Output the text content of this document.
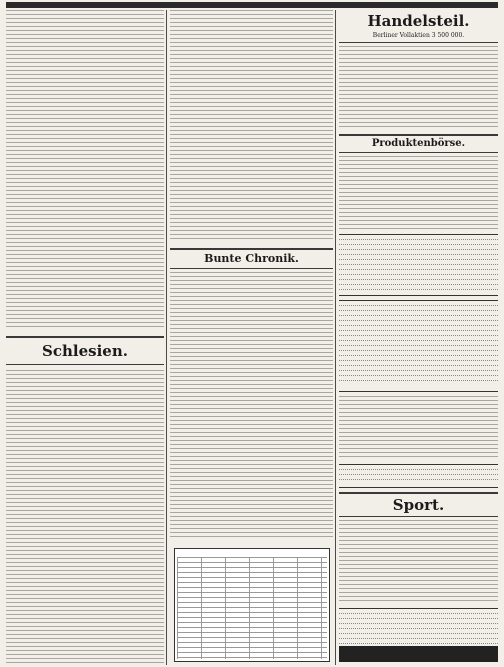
Schlesien.

Bunte Chronik.

Handelsteil.
Berliner Vollaktien 3 500 000.

Produktenbörse.

Sport.
